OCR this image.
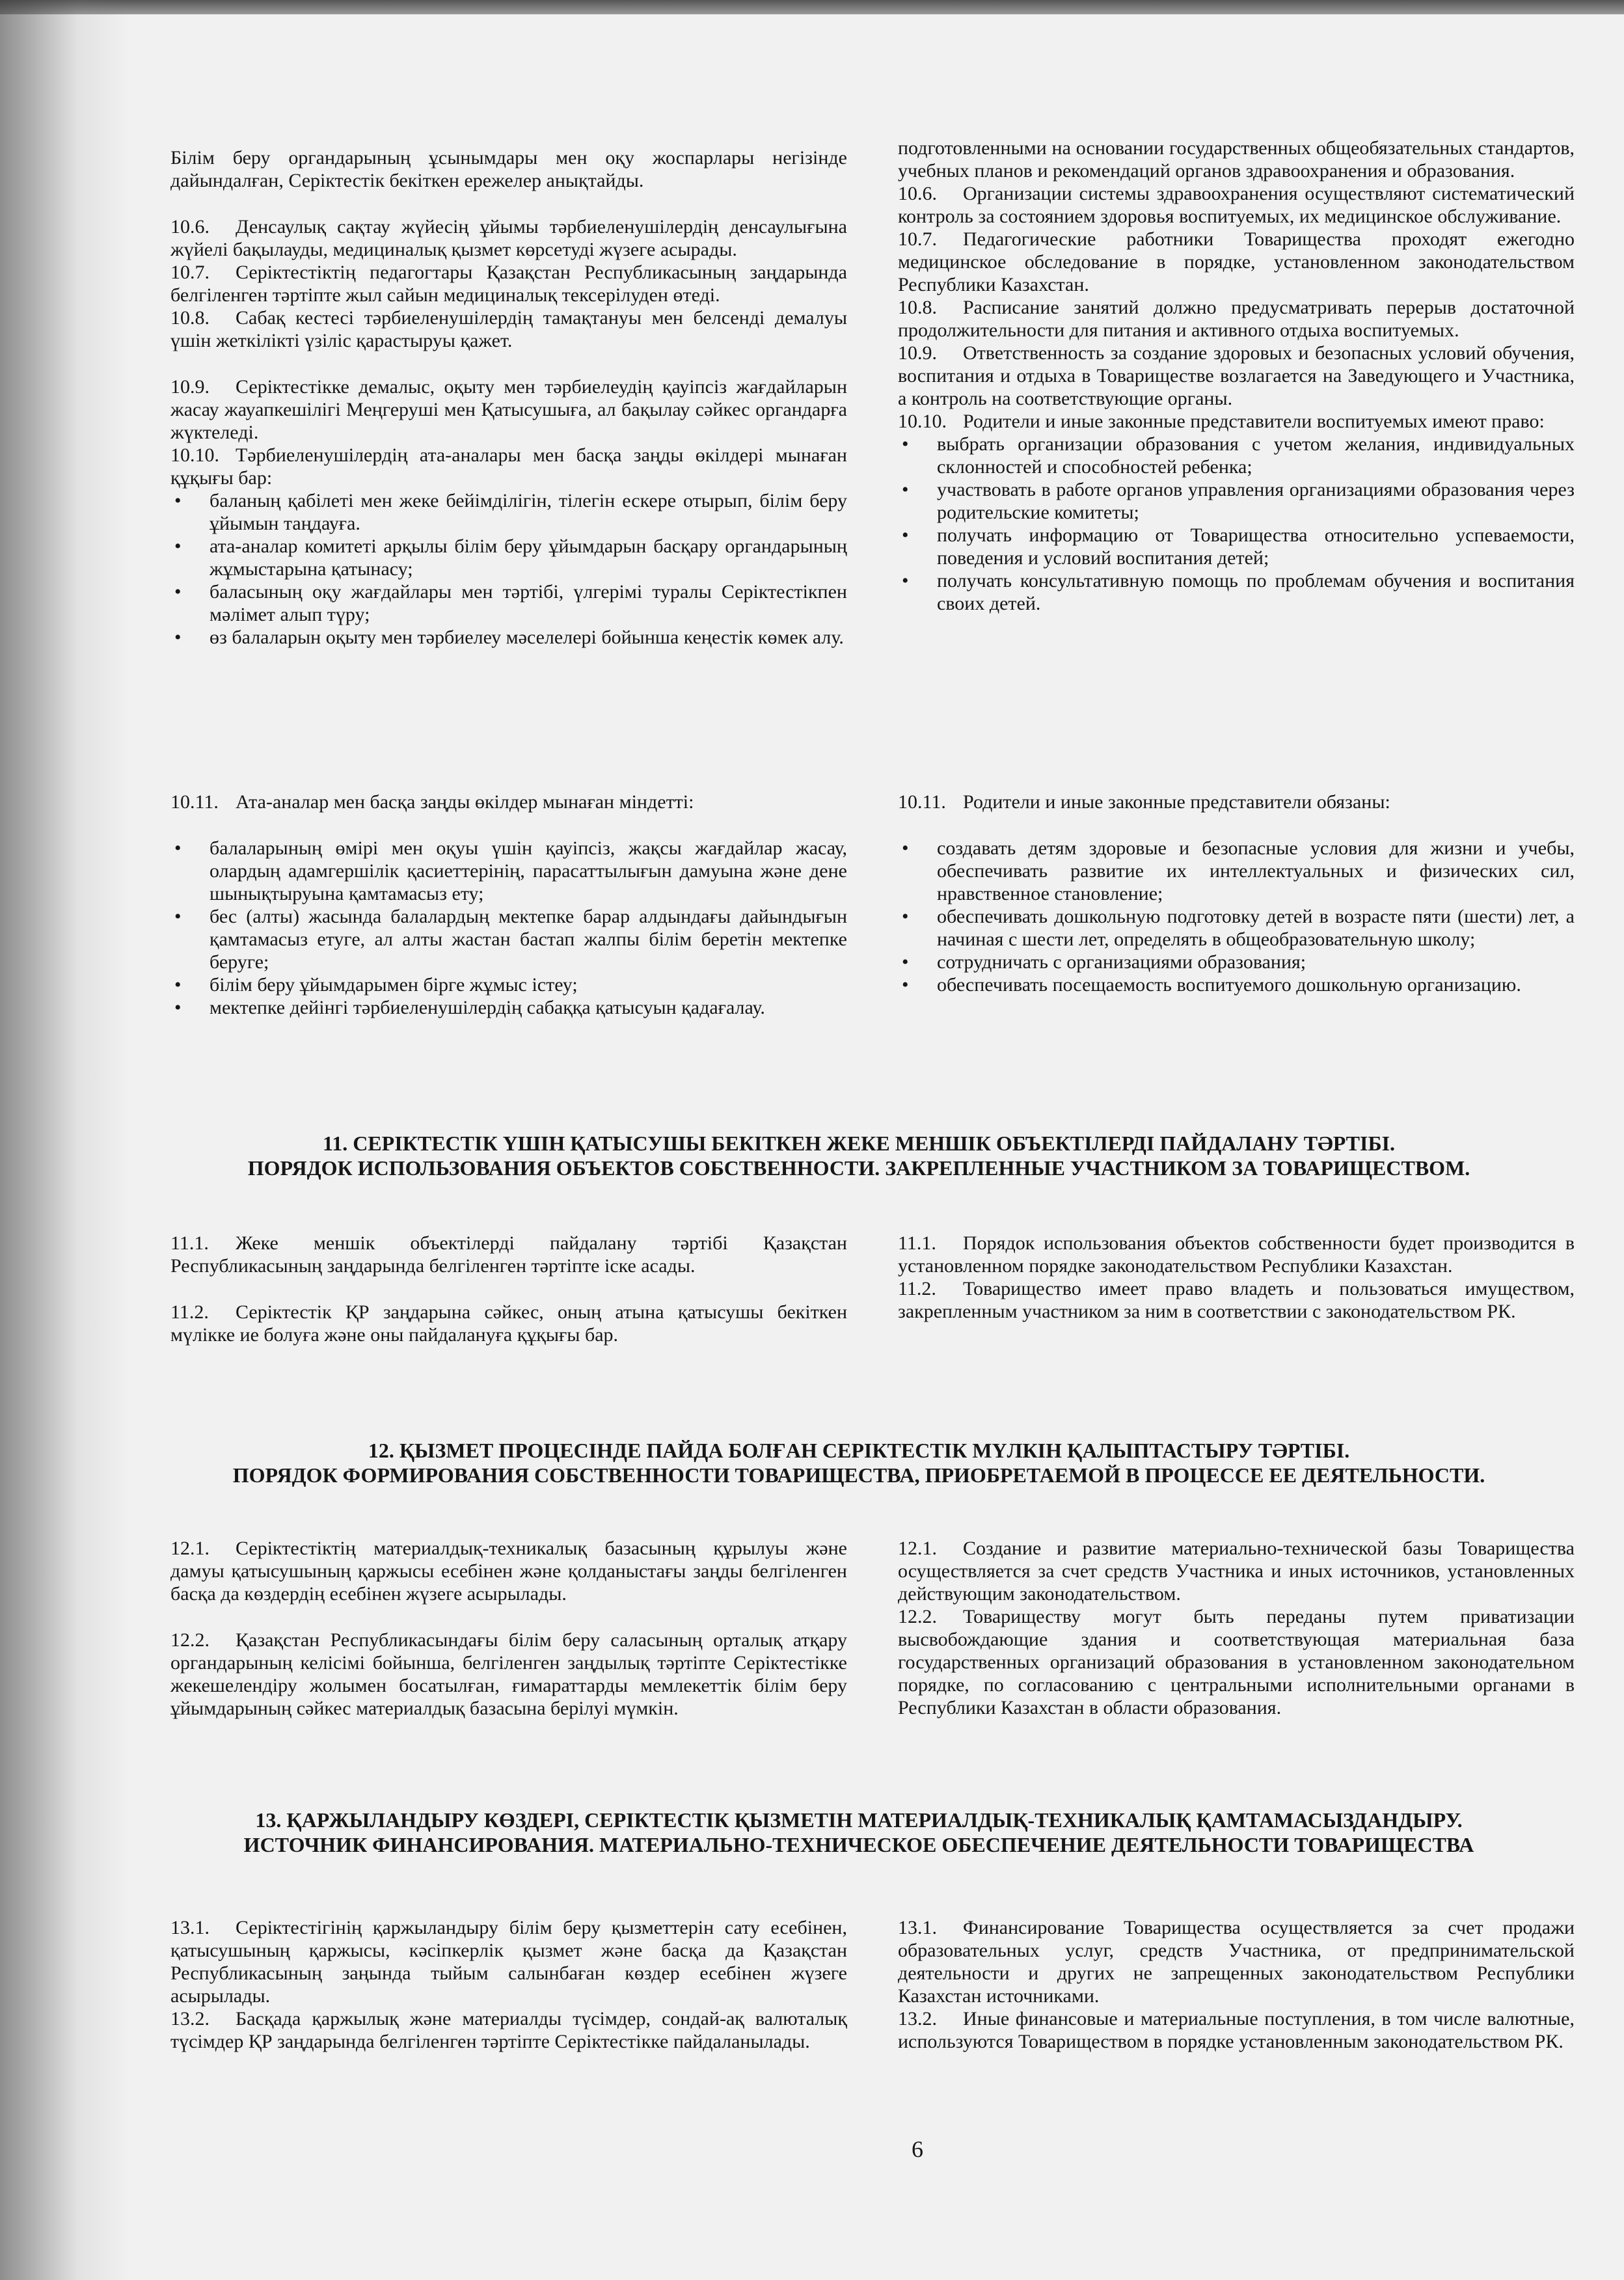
Білім беру органдарының ұсынымдары мен оқу жоспарлары негізінде дайындалған, Серіктестік бекіткен ережелер анықтайды.

10.6. Денсаулық сақтау жүйесің ұйымы тәрбиеленушілердің денсаулығына жүйелі бақылауды, медициналық қызмет көрсетуді жүзеге асырады.

10.7. Серіктестіктің педагогтары Қазақстан Республикасының заңдарында белгіленген тәртіпте жыл сайын медициналық тексерілуден өтеді.

10.8. Сабақ кестесі тәрбиеленушілердің тамақтануы мен белсенді демалуы үшін жеткілікті үзіліс қарастыруы қажет.

10.9. Серіктестікке демалыс, оқыту мен тәрбиелеудің қауіпсіз жағдайларын жасау жауапкешілігі Меңгеруші мен Қатысушыға, ал бақылау сәйкес органдарға жүктеледі.

10.10. Тәрбиеленушілердің ата-аналары мен басқа заңды өкілдері мынаған құқығы бар:

• баланың қабілеті мен жеке бейімділігін, тілегін ескере отырып, білім беру ұйымын таңдауға.
• ата-аналар комитеті арқылы білім беру ұйымдарын басқару органдарының жұмыстарына қатынасу;
• баласының оқу жағдайлары мен тәртібі, үлгерімі туралы Серіктестікпен мәлімет алып түру;
• өз балаларын оқыту мен тәрбиелеу мәселелері бойынша кеңестік көмек алу.

10.11. Ата-аналар мен басқа заңды өкілдер мынаған міндетті:

• балаларының өмірі мен оқуы үшін қауіпсіз, жақсы жағдайлар жасау, олардың адамгершілік қасиеттерінің, парасаттылығын дамуына және дене шынықтыруына қамтамасыз ету;
• бес (алты) жасында балалардың мектепке барар алдындағы дайындығын қамтамасыз етуге, ал алты жастан бастап жалпы білім беретін мектепке беруге;
• білім беру ұйымдарымен бірге жұмыс істеу;
• мектепке дейінгі тәрбиеленушілердің сабаққа қатысуын қадағалау.

подготовленными на основании государственных общеобязательных стандартов, учебных планов и рекомендаций органов здравоохранения и образования.

10.6. Организации системы здравоохранения осуществляют систематический контроль за состоянием здоровья воспитуемых, их медицинское обслуживание.

10.7. Педагогические работники Товарищества проходят ежегодно медицинское обследование в порядке, установленном законодательством Республики Казахстан.

10.8. Расписание занятий должно предусматривать перерыв достаточной продолжительности для питания и активного отдыха воспитуемых.

10.9. Ответственность за создание здоровых и безопасных условий обучения, воспитания и отдыха в Товариществе возлагается на Заведующего и Участника, а контроль на соответствующие органы.

10.10. Родители и иные законные представители воспитуемых имеют право:

• выбрать организации образования с учетом желания, индивидуальных склонностей и способностей ребенка;
• участвовать в работе органов управления организациями образования через родительские комитеты;
• получать информацию от Товарищества относительно успеваемости, поведения и условий воспитания детей;
• получать консультативную помощь по проблемам обучения и воспитания своих детей.

10.11. Родители и иные законные представители обязаны:

• создавать детям здоровые и безопасные условия для жизни и учебы, обеспечивать развитие их интеллектуальных и физических сил, нравственное становление;
• обеспечивать дошкольную подготовку детей в возрасте пяти (шести) лет, а начиная с шести лет, определять в общеобразовательную школу;
• сотрудничать с организациями образования;
• обеспечивать посещаемость воспитуемого дошкольную организацию.
11. СЕРІКТЕСТІК ҮШІН ҚАТЫСУШЫ БЕКІТКЕН ЖЕКЕ МЕНШІК ОБЪЕКТІЛЕРДІ ПАЙДАЛАНУ ТӘРТІБІ.
ПОРЯДОК ИСПОЛЬЗОВАНИЯ ОБЪЕКТОВ СОБСТВЕННОСТИ. ЗАКРЕПЛЕННЫЕ УЧАСТНИКОМ ЗА ТОВАРИЩЕСТВОМ.

11.1. Жеке меншік объектілерді пайдалану тәртібі Қазақстан Республикасының заңдарында белгіленген тәртіпте іске асады.

11.2. Серіктестік ҚР заңдарына сәйкес, оның атына қатысушы бекіткен мүлікке ие болуға және оны пайдалануға құқығы бар.

11.1. Порядок использования объектов собственности будет производится в установленном порядке законодательством Республики Казахстан.

11.2. Товарищество имеет право владеть и пользоваться имуществом, закрепленным участником за ним в соответствии с законодательством РК.

12. ҚЫЗМЕТ ПРОЦЕСІНДЕ ПАЙДА БОЛҒАН СЕРІКТЕСТІК МҮЛКІН ҚАЛЫПТАСТЫРУ ТӘРТІБІ.
ПОРЯДОК ФОРМИРОВАНИЯ СОБСТВЕННОСТИ ТОВАРИЩЕСТВА, ПРИОБРЕТАЕМОЙ В ПРОЦЕССЕ ЕЕ ДЕЯТЕЛЬНОСТИ.

12.1. Серіктестіктің материалдық-техникалық базасының құрылуы және дамуы қатысушының қаржысы есебінен және қолданыстағы заңды белгіленген басқа да көздердің есебінен жүзеге асырылады.

12.2. Қазақстан Республикасындағы білім беру саласының орталық атқару органдарының келісімі бойынша, белгіленген заңдылық тәртіпте Серіктестікке жекешелендіру жолымен босатылған, ғимараттарды мемлекеттік білім беру ұйымдарының сәйкес материалдық базасына берілуі мүмкін.

12.1. Создание и развитие материально-технической базы Товарищества осуществляется за счет средств Участника и иных источников, установленных действующим законодательством.

12.2. Товариществу могут быть переданы путем приватизации высвобождающие здания и соответствующая материальная база государственных организаций образования в установленном законодательном порядке, по согласованию с центральными исполнительными органами в Республики Казахстан в области образования.

13. ҚАРЖЫЛАНДЫРУ КӨЗДЕРІ, СЕРІКТЕСТІК ҚЫЗМЕТІН МАТЕРИАЛДЫҚ-ТЕХНИКАЛЫҚ ҚАМТАМАСЫЗДАНДЫРУ.
ИСТОЧНИК ФИНАНСИРОВАНИЯ. МАТЕРИАЛЬНО-ТЕХНИЧЕСКОЕ ОБЕСПЕЧЕНИЕ ДЕЯТЕЛЬНОСТИ ТОВАРИЩЕСТВА

13.1. Серіктестігінің қаржыландыру білім беру қызметтерін сату есебінен, қатысушының қаржысы, кәсіпкерлік қызмет және басқа да Қазақстан Республикасының заңында тыйым салынбаған көздер есебінен жүзеге асырылады.

13.2. Басқада қаржылық және материалды түсімдер, сондай-ақ валюталық түсімдер ҚР заңдарында белгіленген тәртіпте Серіктестікке пайдаланылады.

13.1. Финансирование Товарищества осуществляется за счет продажи образовательных услуг, средств Участника, от предпринимательской деятельности и других не запрещенных законодательством Республики Казахстан источниками.

13.2. Иные финансовые и материальные поступления, в том числе валютные, используются Товариществом в порядке установленным законодательством РК.

6
